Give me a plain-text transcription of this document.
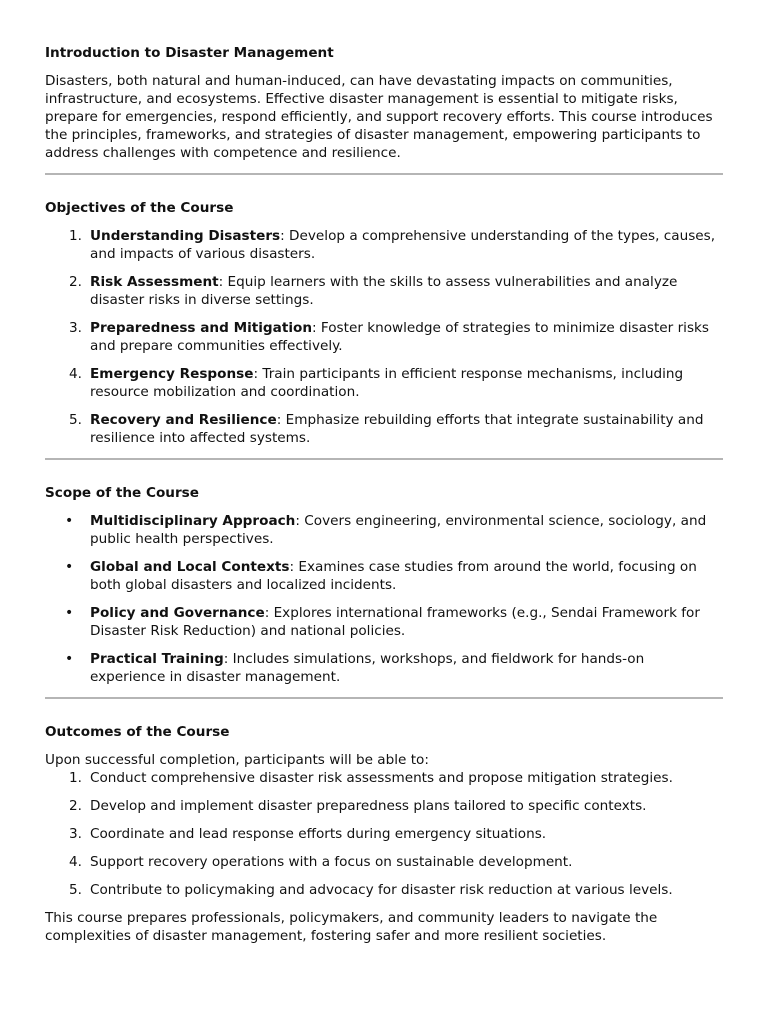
Introduction to Disaster Management

Disasters, both natural and human-induced, can have devastating impacts on communities, infrastructure, and ecosystems. Effective disaster management is essential to mitigate risks, prepare for emergencies, respond efficiently, and support recovery efforts. This course introduces the principles, frameworks, and strategies of disaster management, empowering participants to address challenges with competence and resilience.

Objectives of the Course
1. Understanding Disasters: Develop a comprehensive understanding of the types, causes, and impacts of various disasters.
2. Risk Assessment: Equip learners with the skills to assess vulnerabilities and analyze disaster risks in diverse settings.
3. Preparedness and Mitigation: Foster knowledge of strategies to minimize disaster risks and prepare communities effectively.
4. Emergency Response: Train participants in efficient response mechanisms, including resource mobilization and coordination.
5. Recovery and Resilience: Emphasize rebuilding efforts that integrate sustainability and resilience into affected systems.
Scope of the Course
• Multidisciplinary Approach: Covers engineering, environmental science, sociology, and public health perspectives.
• Global and Local Contexts: Examines case studies from around the world, focusing on both global disasters and localized incidents.
• Policy and Governance: Explores international frameworks (e.g., Sendai Framework for Disaster Risk Reduction) and national policies.
• Practical Training: Includes simulations, workshops, and fieldwork for hands-on experience in disaster management.
Outcomes of the Course

Upon successful completion, participants will be able to:

1. Conduct comprehensive disaster risk assessments and propose mitigation strategies.
2. Develop and implement disaster preparedness plans tailored to specific contexts.
3. Coordinate and lead response efforts during emergency situations.
4. Support recovery operations with a focus on sustainable development.
5. Contribute to policymaking and advocacy for disaster risk reduction at various levels.

This course prepares professionals, policymakers, and community leaders to navigate the complexities of disaster management, fostering safer and more resilient societies.
